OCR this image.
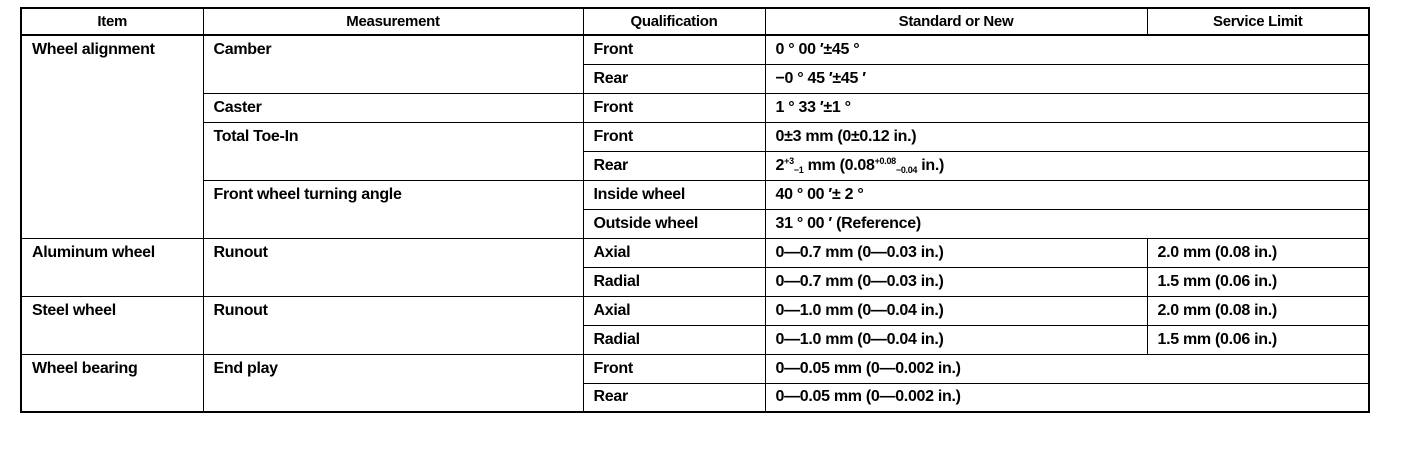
Item	Measurement	Qualification	Standard or New	Service Limit
Wheel alignment	Camber	Front	0 ° 00 ′±45 °	
		Rear	−0 ° 45 ′±45 ′	
	Caster	Front	1 ° 33 ′±1 °	
	Total Toe-In	Front	0±3 mm (0±0.12 in.)	
		Rear	$2^{+3}-1$ mm ($0.08^{+0.08}-0.04$ in.)	
	Front wheel turning angle	Inside wheel	40 ° 00 ′± 2 °	
		Outside wheel	31 ° 00 ′ (Reference)	
Aluminum wheel	Runout	Axial	0—0.7 mm (0—0.03 in.)	2.0 mm (0.08 in.)
		Radial	0—0.7 mm (0—0.03 in.)	1.5 mm (0.06 in.)
Steel wheel	Runout	Axial	0—1.0 mm (0—0.04 in.)	2.0 mm (0.08 in.)
		Radial	0—1.0 mm (0—0.04 in.)	1.5 mm (0.06 in.)
Wheel bearing	End play	Front	0—0.05 mm (0—0.002 in.)	
		Rear	0—0.05 mm (0—0.002 in.)	
